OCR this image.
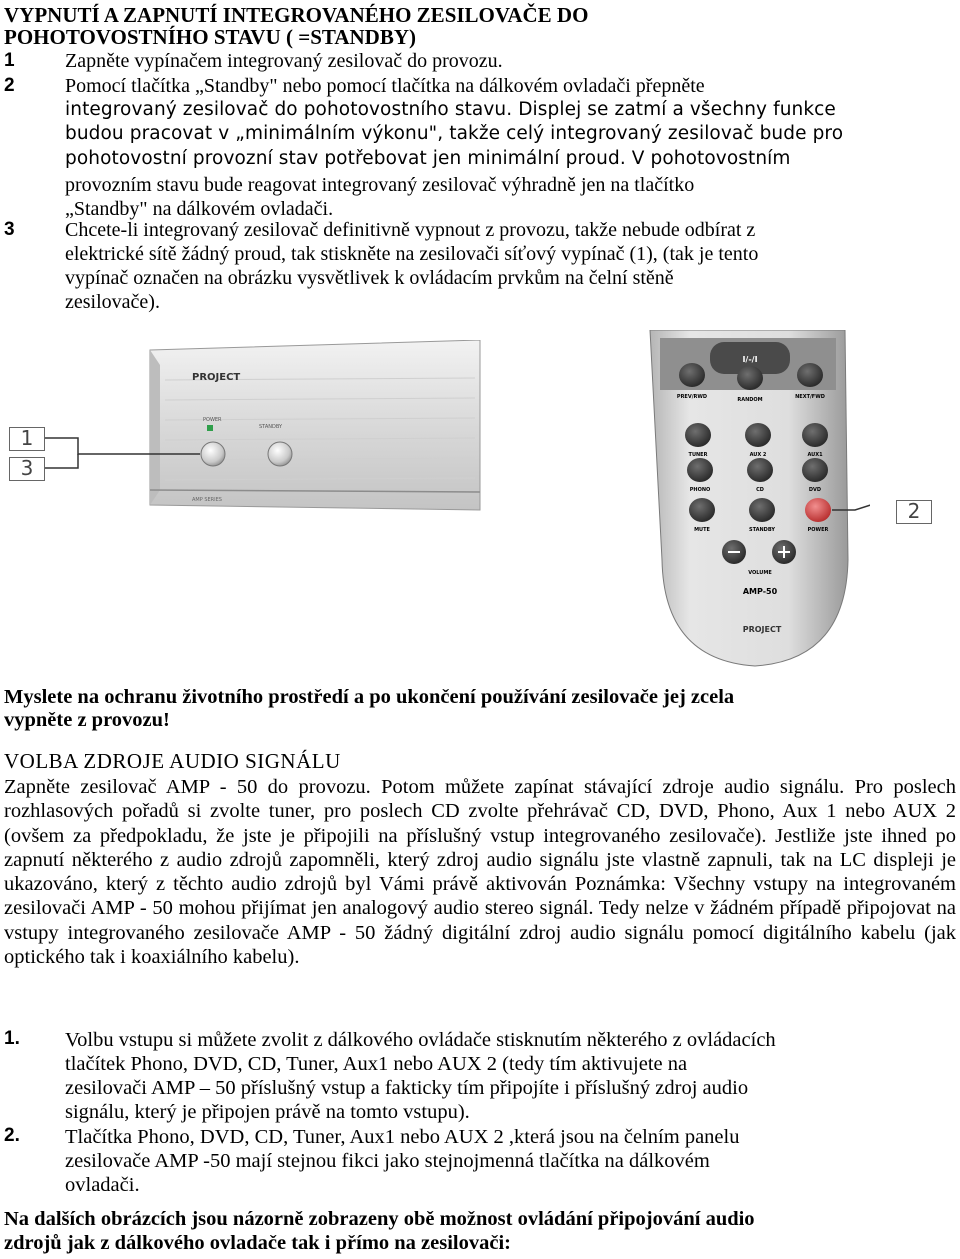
VYPNUTÍ A ZAPNUTÍ INTEGROVANÉHO ZESILOVAČE DO
POHOTOVOSTNÍHO STAVU ( =STANDBY)
1	Zapněte vypínačem integrovaný zesilovač do provozu.
2	Pomocí tlačítka „Standby" nebo pomocí tlačítka na dálkovém ovladači přepněte
integrovaný zesilovač do pohotovostního stavu. Displej se zatmí a všechny funkce
budou pracovat v „minimálním výkonu", takže celý integrovaný zesilovač bude pro
pohotovostní provozní stav potřebovat jen minimální proud. V pohotovostním
provozním stavu bude reagovat integrovaný zesilovač výhradně jen na tlačítko
„Standby" na dálkovém ovladači.
3	Chcete-li integrovaný zesilovač definitivně vypnout z provozu, takže nebude odbírat z
elektrické sítě žádný proud, tak stiskněte na zesilovači síťový vypínač (1), (tak je tento
vypínač označen na obrázku vysvětlivek k ovládacím prvkům na čelní stěně
zesilovače).
PROJECT
POWER
STANDBY
AMP SERIES
1
3
I/-/I
PREV/RWD	RANDOM	NEXT/FWD
TUNER	AUX 2	AUX1
PHONO	CD	DVD
MUTE	STANDBY	POWER
VOLUME
AMP-50
PROJECT
2
Myslete na ochranu životního prostředí a po ukončení používání zesilovače jej zcela
vypněte z provozu!
VOLBA ZDROJE AUDIO SIGNÁLU
Zapněte zesilovač AMP - 50 do provozu. Potom můžete zapínat stávající zdroje audio signálu. Pro poslech rozhlasových pořadů si zvolte tuner, pro poslech CD zvolte přehrávač CD, DVD, Phono, Aux 1 nebo AUX 2 (ovšem za předpokladu, že jste je připojili na příslušný vstup integrovaného zesilovače). Jestliže jste ihned po zapnutí některého z audio zdrojů zapomněli, který zdroj audio signálu jste vlastně zapnuli, tak na LC displeji je ukazováno, který z těchto audio zdrojů byl Vámi právě aktivován Poznámka: Všechny vstupy na integrovaném zesilovači AMP - 50 mohou přijímat jen analogový audio stereo signál. Tedy nelze v žádném případě připojovat na vstupy integrovaného zesilovače AMP - 50 žádný digitální zdroj audio signálu pomocí digitálního kabelu (jak optického tak i koaxiálního kabelu).
1. Volbu vstupu si můžete zvolit z dálkového ovládače stisknutím některého z ovládacích
tlačítek Phono, DVD, CD, Tuner, Aux1 nebo AUX 2 (tedy tím aktivujete na
zesilovači AMP – 50 příslušný vstup a fakticky tím připojíte i příslušný zdroj audio
signálu, který je připojen právě na tomto vstupu).
2. Tlačítka Phono, DVD, CD, Tuner, Aux1 nebo AUX 2 ,která jsou na čelním panelu
zesilovače AMP -50 mají stejnou fikci jako stejnojmenná tlačítka na dálkovém
ovladači.
Na dalších obrázcích jsou názorně zobrazeny obě možnost ovládání připojování audio
zdrojů jak z dálkového ovladače tak i přímo na zesilovači:
